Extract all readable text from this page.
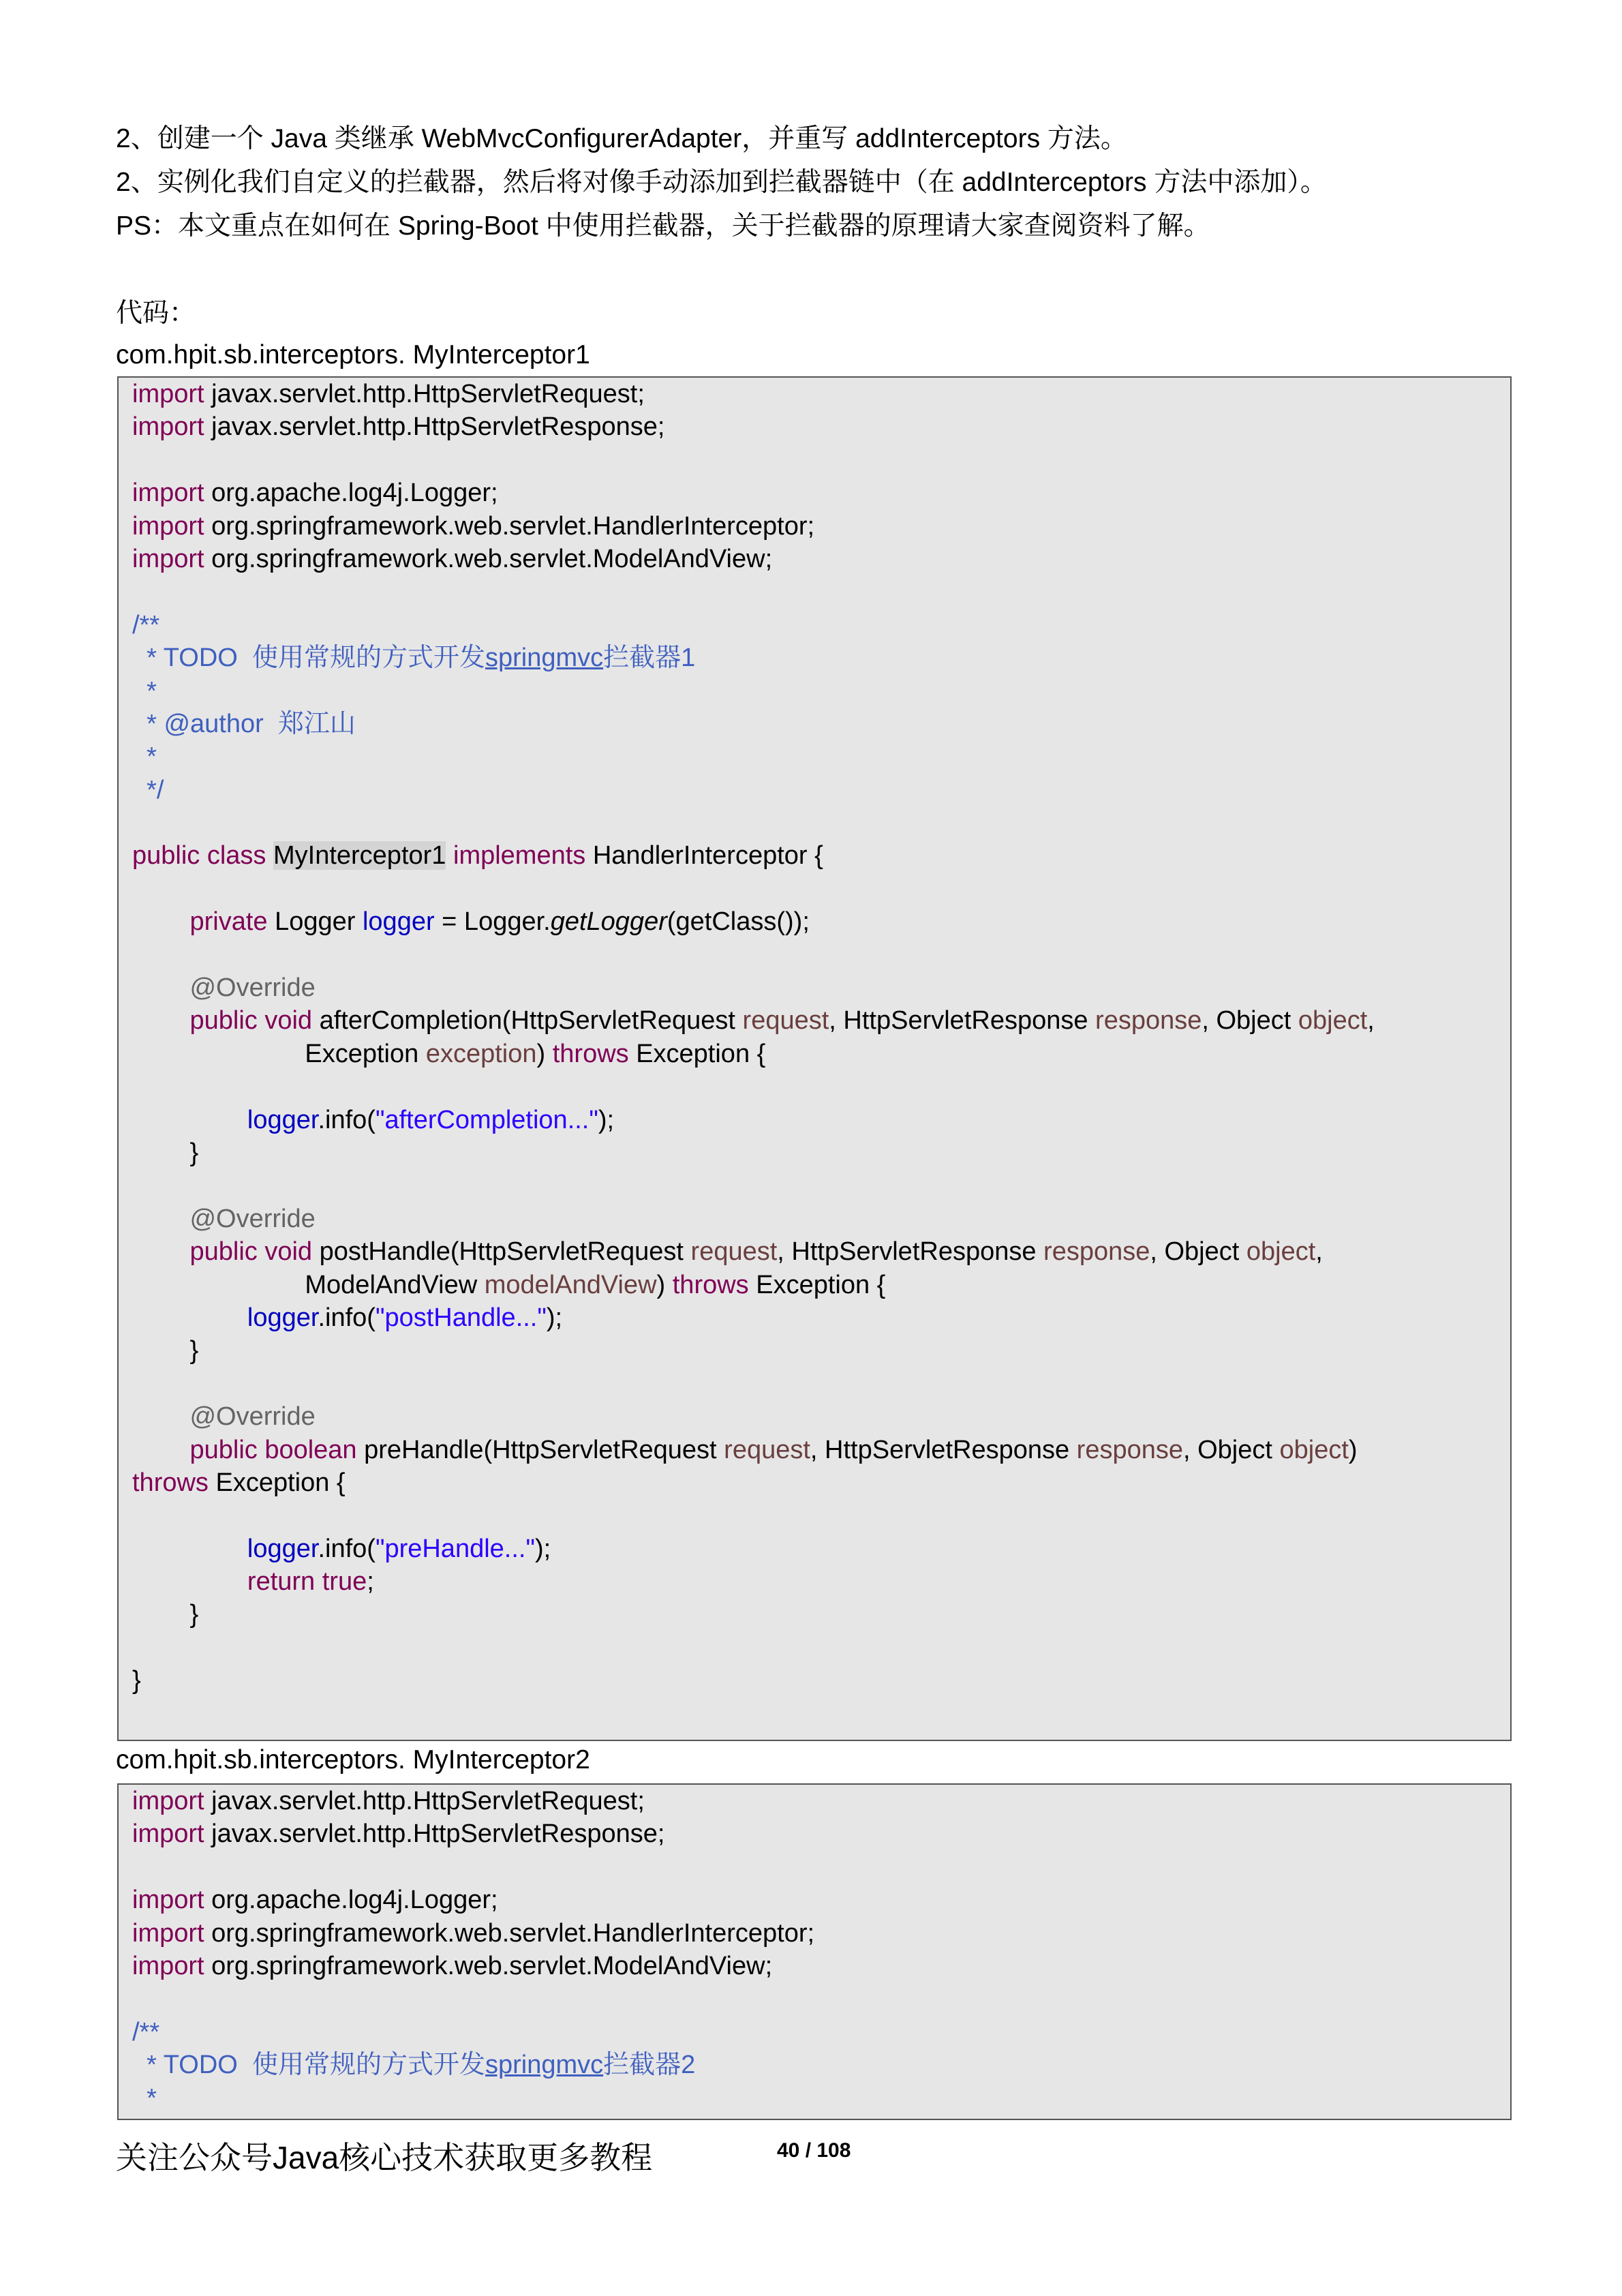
2、创建一个 Java 类继承 WebMvcConfigurerAdapter，并重写 addInterceptors 方法。

2、实例化我们自定义的拦截器，然后将对像手动添加到拦截器链中（在 addInterceptors 方法中添加）。

PS：本文重点在如何在 Spring-Boot 中使用拦截器，关于拦截器的原理请大家查阅资料了解。

代码：
com.hpit.sb.interceptors. MyInterceptor1
import javax.servlet.http.HttpServletRequest;
import javax.servlet.http.HttpServletResponse;
import org.apache.log4j.Logger;
import org.springframework.web.servlet.HandlerInterceptor;
import org.springframework.web.servlet.ModelAndView;
/**
* TODO  使用常规的方式开发springmvc拦截器1
*
* @author  郑江山
*
*/
public class MyInterceptor1 implements HandlerInterceptor {
private Logger logger = Logger.getLogger(getClass());
@Override
public void afterCompletion(HttpServletRequest request, HttpServletResponse response, Object object,
Exception exception) throws Exception {
logger.info("afterCompletion...");
}
@Override
public void postHandle(HttpServletRequest request, HttpServletResponse response, Object object,
ModelAndView modelAndView) throws Exception {
logger.info("postHandle...");
}
@Override
public boolean preHandle(HttpServletRequest request, HttpServletResponse response, Object object)
throws Exception {
logger.info("preHandle...");
return true;
}
}
com.hpit.sb.interceptors. MyInterceptor2
import javax.servlet.http.HttpServletRequest;
import javax.servlet.http.HttpServletResponse;
import org.apache.log4j.Logger;
import org.springframework.web.servlet.HandlerInterceptor;
import org.springframework.web.servlet.ModelAndView;
/**
* TODO  使用常规的方式开发springmvc拦截器2
*
关注公众号Java核心技术获取更多教程	40 / 108
